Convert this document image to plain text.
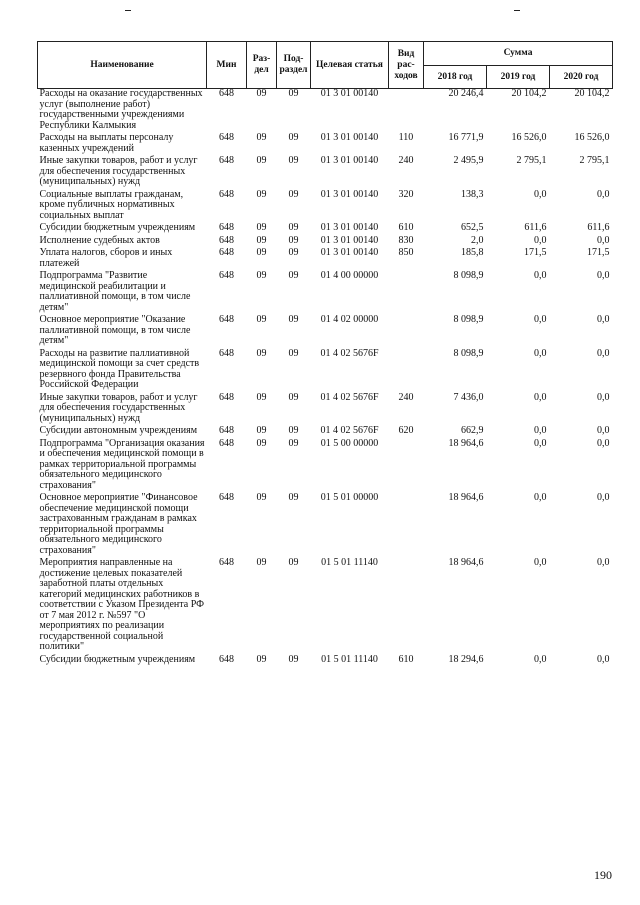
Наименование	Мин	Раз-дел	Под-раздел	Целевая статья	Вид рас-ходов	Сумма		
						2018 год	2019 год	2020 год
Расходы на оказание государственных услуг (выполнение работ) государственными учреждениями Республики Калмыкия	648	09	09	01 3 01 00140		20 246,4	20 104,2	20 104,2
Расходы на выплаты персоналу казенных учреждений	648	09	09	01 3 01 00140	110	16 771,9	16 526,0	16 526,0
Иные закупки товаров, работ и услуг для обеспечения государственных (муниципальных) нужд	648	09	09	01 3 01 00140	240	2 495,9	2 795,1	2 795,1
Социальные выплаты гражданам, кроме публичных нормативных социальных выплат	648	09	09	01 3 01 00140	320	138,3	0,0	0,0
Субсидии бюджетным учреждениям	648	09	09	01 3 01 00140	610	652,5	611,6	611,6
Исполнение судебных актов	648	09	09	01 3 01 00140	830	2,0	0,0	0,0
Уплата налогов, сборов и иных платежей	648	09	09	01 3 01 00140	850	185,8	171,5	171,5
Подпрограмма "Развитие медицинской реабилитации и паллиативной помощи, в том числе детям"	648	09	09	01 4 00 00000		8 098,9	0,0	0,0
Основное мероприятие "Оказание паллиативной помощи, в том числе детям"	648	09	09	01 4 02 00000		8 098,9	0,0	0,0
Расходы на развитие паллиативной медицинской помощи за счет средств резервного фонда Правительства Российской Федерации	648	09	09	01 4 02 5676F		8 098,9	0,0	0,0
Иные закупки товаров, работ и услуг для обеспечения государственных (муниципальных) нужд	648	09	09	01 4 02 5676F	240	7 436,0	0,0	0,0
Субсидии автономным учреждениям	648	09	09	01 4 02 5676F	620	662,9	0,0	0,0
Подпрограмма "Организация оказания и обеспечения медицинской помощи в рамках территориальной программы обязательного медицинского страхования"	648	09	09	01 5 00 00000		18 964,6	0,0	0,0
Основное мероприятие "Финансовое обеспечение медицинской помощи застрахованным гражданам в рамках территориальной программы обязательного медицинского страхования"	648	09	09	01 5 01 00000		18 964,6	0,0	0,0
Мероприятия направленные на достижение целевых показателей заработной платы отдельных категорий медицинских работников в соответствии с Указом Президента РФ от 7 мая 2012 г. №597 "О мероприятиях по реализации государственной социальной политики"	648	09	09	01 5 01 11140		18 964,6	0,0	0,0
Субсидии бюджетным учреждениям	648	09	09	01 5 01 11140	610	18 294,6	0,0	0,0
190
